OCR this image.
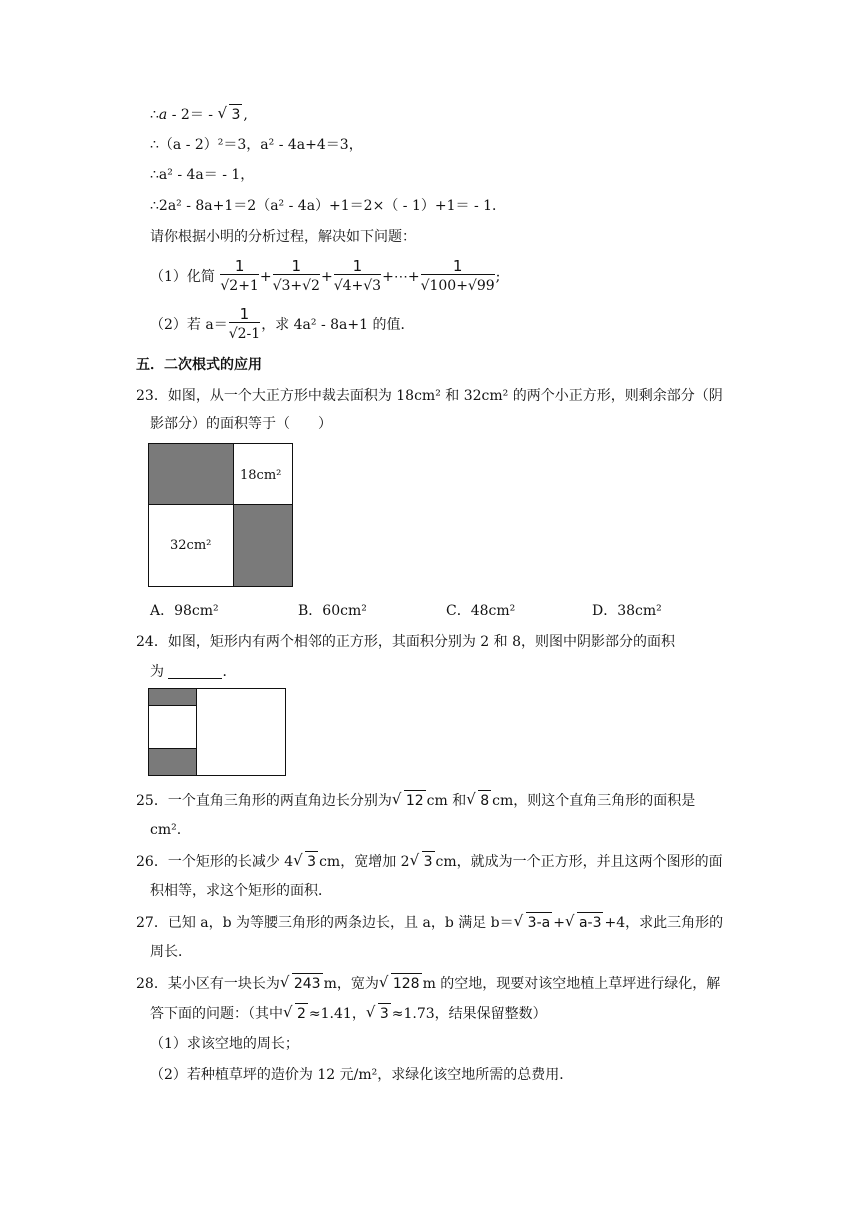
∴a - 2＝ - √ 3 ,
∴（a - 2）²＝3，a² - 4a+4＝3，
∴a² - 4a＝ - 1，
∴2a² - 8a+1＝2（a² - 4a）+1＝2×（ - 1）+1＝ - 1．
请你根据小明的分析过程，解决如下问题：
（1）化简 $\frac{1}{√2+1} + \frac{1}{√3+√2} + \frac{1}{√4+√3}$ +⋯+ $\frac{1}{√100+√99}$ ;
（2）若 $a= \frac{1}{√2-1}$ ，求 4a² - 8a+1 的值．
五．二次根式的应用
23．如图，从一个大正方形中裁去面积为 18cm² 和 32cm² 的两个小正方形，则剩余部分（阴
影部分）的面积等于（　　）
18cm²
32cm²
A．98cm²	B．60cm²	C．48cm²	D．38cm²
24．如图，矩形内有两个相邻的正方形，其面积分别为 2 和 8，则图中阴影部分的面积
为	．
25．一个直角三角形的两直角边长分别为 √ 12 cm 和 √ 8 cm，则这个直角三角形的面积是
cm².
26．一个矩形的长减少 4 √ 3 cm，宽增加 2 √ 3 cm，就成为一个正方形，并且这两个图形的面
积相等，求这个矩形的面积．
27．已知 a，b 为等腰三角形的两条边长，且 a，b 满足 b＝ √ 3-a + √ a-3 +4，求此三角形的
周长．
28．某小区有一块长为 √ 243 m，宽为 √ 128 m 的空地，现要对该空地植上草坪进行绿化，解
答下面的问题：（其中 √ 2 ≈1.41， √ 3 ≈1.73，结果保留整数）
（1）求该空地的周长；
（2）若种植草坪的造价为 12 元/m²，求绿化该空地所需的总费用．
